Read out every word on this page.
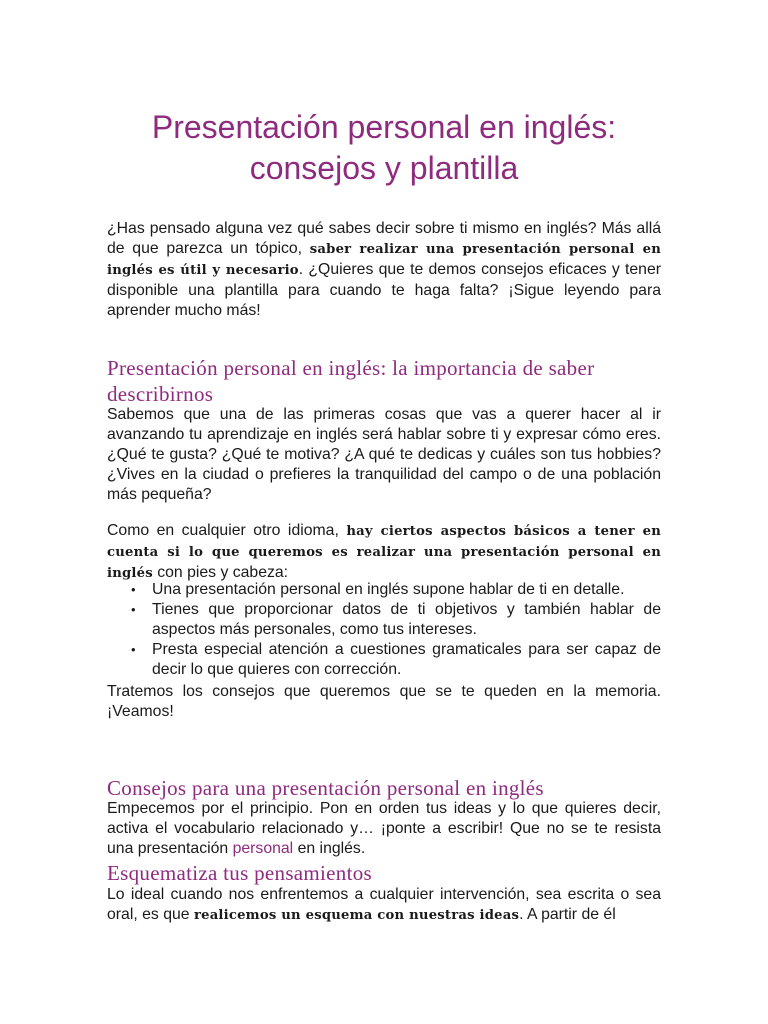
Presentación personal en inglés:
consejos y plantilla

¿Has pensado alguna vez qué sabes decir sobre ti mismo en inglés? Más allá de que parezca un tópico, saber realizar una presentación personal en inglés es útil y necesario. ¿Quieres que te demos consejos eficaces y tener disponible una plantilla para cuando te haga falta? ¡Sigue leyendo para aprender mucho más!

Presentación personal en inglés: la importancia de saber describirnos

Sabemos que una de las primeras cosas que vas a querer hacer al ir avanzando tu aprendizaje en inglés será hablar sobre ti y expresar cómo eres. ¿Qué te gusta? ¿Qué te motiva? ¿A qué te dedicas y cuáles son tus hobbies? ¿Vives en la ciudad o prefieres la tranquilidad del campo o de una población más pequeña?

Como en cualquier otro idioma, hay ciertos aspectos básicos a tener en cuenta si lo que queremos es realizar una presentación personal en inglés con pies y cabeza:

• Una presentación personal en inglés supone hablar de ti en detalle.
• Tienes que proporcionar datos de ti objetivos y también hablar de aspectos más personales, como tus intereses.
• Presta especial atención a cuestiones gramaticales para ser capaz de decir lo que quieres con corrección.

Tratemos los consejos que queremos que se te queden en la memoria. ¡Veamos!

Consejos para una presentación personal en inglés

Empecemos por el principio. Pon en orden tus ideas y lo que quieres decir, activa el vocabulario relacionado y… ¡ponte a escribir! Que no se te resista una presentación personal en inglés.

Esquematiza tus pensamientos

Lo ideal cuando nos enfrentemos a cualquier intervención, sea escrita o sea oral, es que realicemos un esquema con nuestras ideas. A partir de él
